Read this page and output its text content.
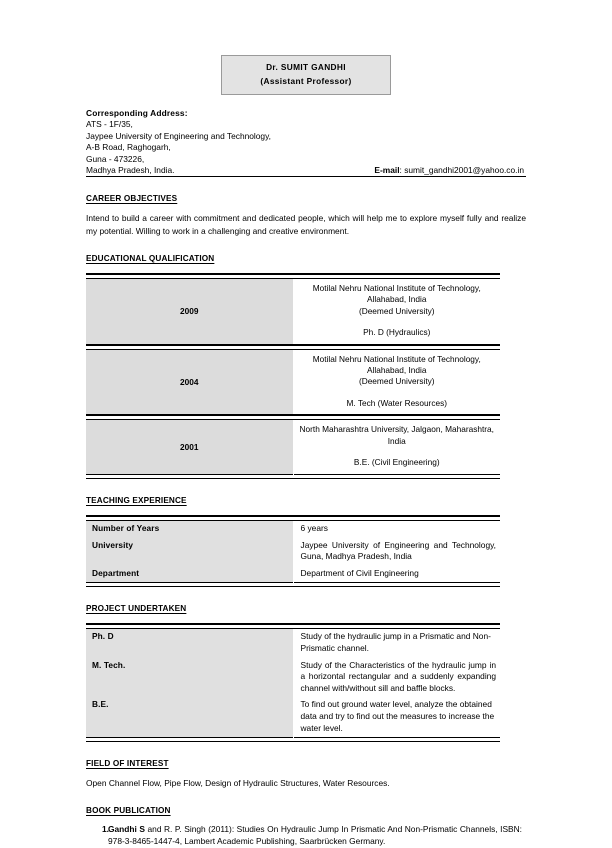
Dr. SUMIT GANDHI
(Assistant Professor)
Corresponding Address:
ATS - 1F/35,
Jaypee University of Engineering and Technology,
A-B Road, Raghogarh,
Guna - 473226,
Madhya Pradesh, India.	E-mail: sumit_gandhi2001@yahoo.co.in
CAREER OBJECTIVES
Intend to build a career with commitment and dedicated people, which will help me to explore myself fully and realize my potential. Willing to work in a challenging and creative environment.
EDUCATIONAL QUALIFICATION

2009	Motilal Nehru National Institute of Technology, Allahabad, India
(Deemed University)
Ph. D (Hydraulics)

2004	Motilal Nehru National Institute of Technology, Allahabad, India
(Deemed University)
M. Tech (Water Resources)

2001	North Maharashtra University, Jalgaon, Maharashtra, India
B.E. (Civil Engineering)

TEACHING EXPERIENCE

Number of Years	6 years
University	Jaypee University of Engineering and Technology, Guna, Madhya Pradesh, India
Department	Department of Civil Engineering

PROJECT UNDERTAKEN

Ph. D	Study of the hydraulic jump in a Prismatic and Non-Prismatic channel.
M. Tech.	Study of the Characteristics of the hydraulic jump in a horizontal rectangular and a suddenly expanding channel with/without sill and baffle blocks.
B.E.	To find out ground water level, analyze the obtained data and try to find out the measures to increase the water level.

FIELD OF INTEREST
Open Channel Flow, Pipe Flow, Design of Hydraulic Structures, Water Resources.
BOOK PUBLICATION
1. Gandhi S and R. P. Singh (2011): Studies On Hydraulic Jump In Prismatic And Non-Prismatic Channels, ISBN: 978-3-8465-1447-4, Lambert Academic Publishing, Saarbrücken Germany.
